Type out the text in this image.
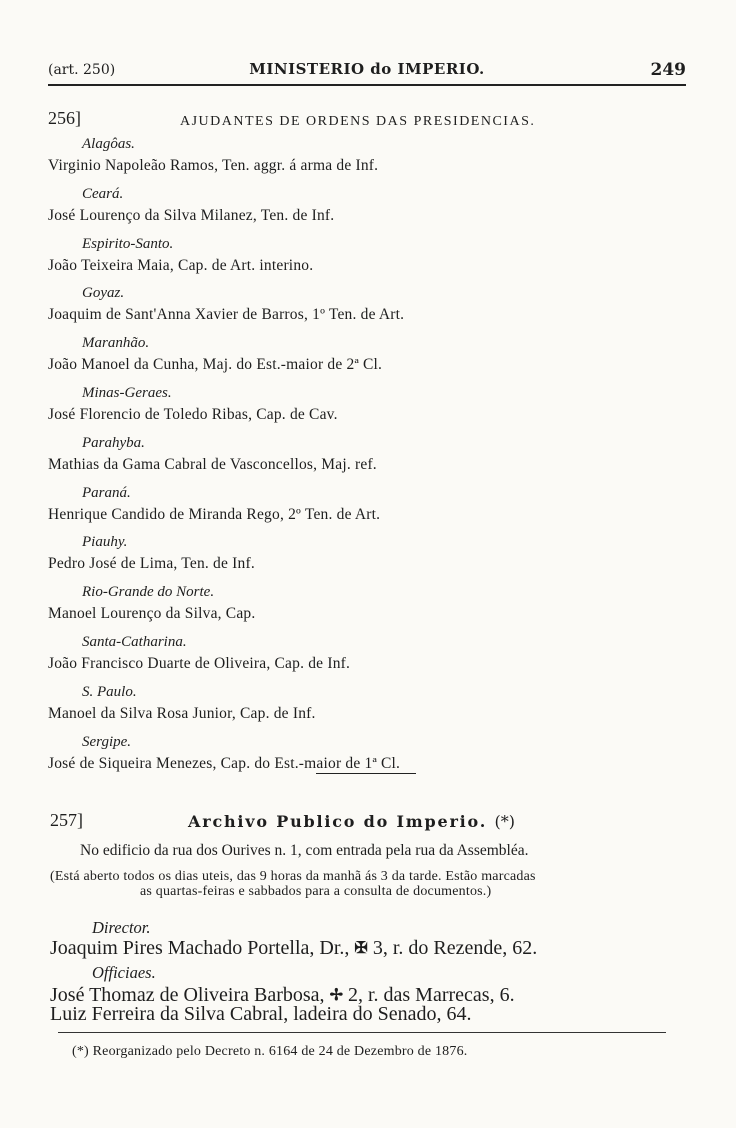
(art. 250)	MINISTERIO do IMPERIO.	249
256]	AJUDANTES DE ORDENS DAS PRESIDENCIAS.
Alagôas.
Virginio Napoleão Ramos, Ten. aggr. á arma de Inf.
Ceará.
José Lourenço da Silva Milanez, Ten. de Inf.
Espirito-Santo.
João Teixeira Maia, Cap. de Art. interino.
Goyaz.
Joaquim de Sant'Anna Xavier de Barros, 1º Ten. de Art.
Maranhão.
João Manoel da Cunha, Maj. do Est.-maior de 2ª Cl.
Minas-Geraes.
José Florencio de Toledo Ribas, Cap. de Cav.
Parahyba.
Mathias da Gama Cabral de Vasconcellos, Maj. ref.
Paraná.
Henrique Candido de Miranda Rego, 2º Ten. de Art.
Piauhy.
Pedro José de Lima, Ten. de Inf.
Rio-Grande do Norte.
Manoel Lourenço da Silva, Cap.
Santa-Catharina.
João Francisco Duarte de Oliveira, Cap. de Inf.
S. Paulo.
Manoel da Silva Rosa Junior, Cap. de Inf.
Sergipe.
José de Siqueira Menezes, Cap. do Est.-maior de 1ª Cl.
257]	Archivo Publico do Imperio. (*)
No edificio da rua dos Ourives n. 1, com entrada pela rua da Assembléa.
(Está aberto todos os dias uteis, das 9 horas da manhã ás 3 da tarde. Estão marcadas
as quartas-feiras e sabbados para a consulta de documentos.)
Director.
Joaquim Pires Machado Portella, Dr., ✠ 3, r. do Rezende, 62.
Officiaes.
José Thomaz de Oliveira Barbosa, ✢ 2, r. das Marrecas, 6.
Luiz Ferreira da Silva Cabral, ladeira do Senado, 64.
(*) Reorganizado pelo Decreto n. 6164 de 24 de Dezembro de 1876.
